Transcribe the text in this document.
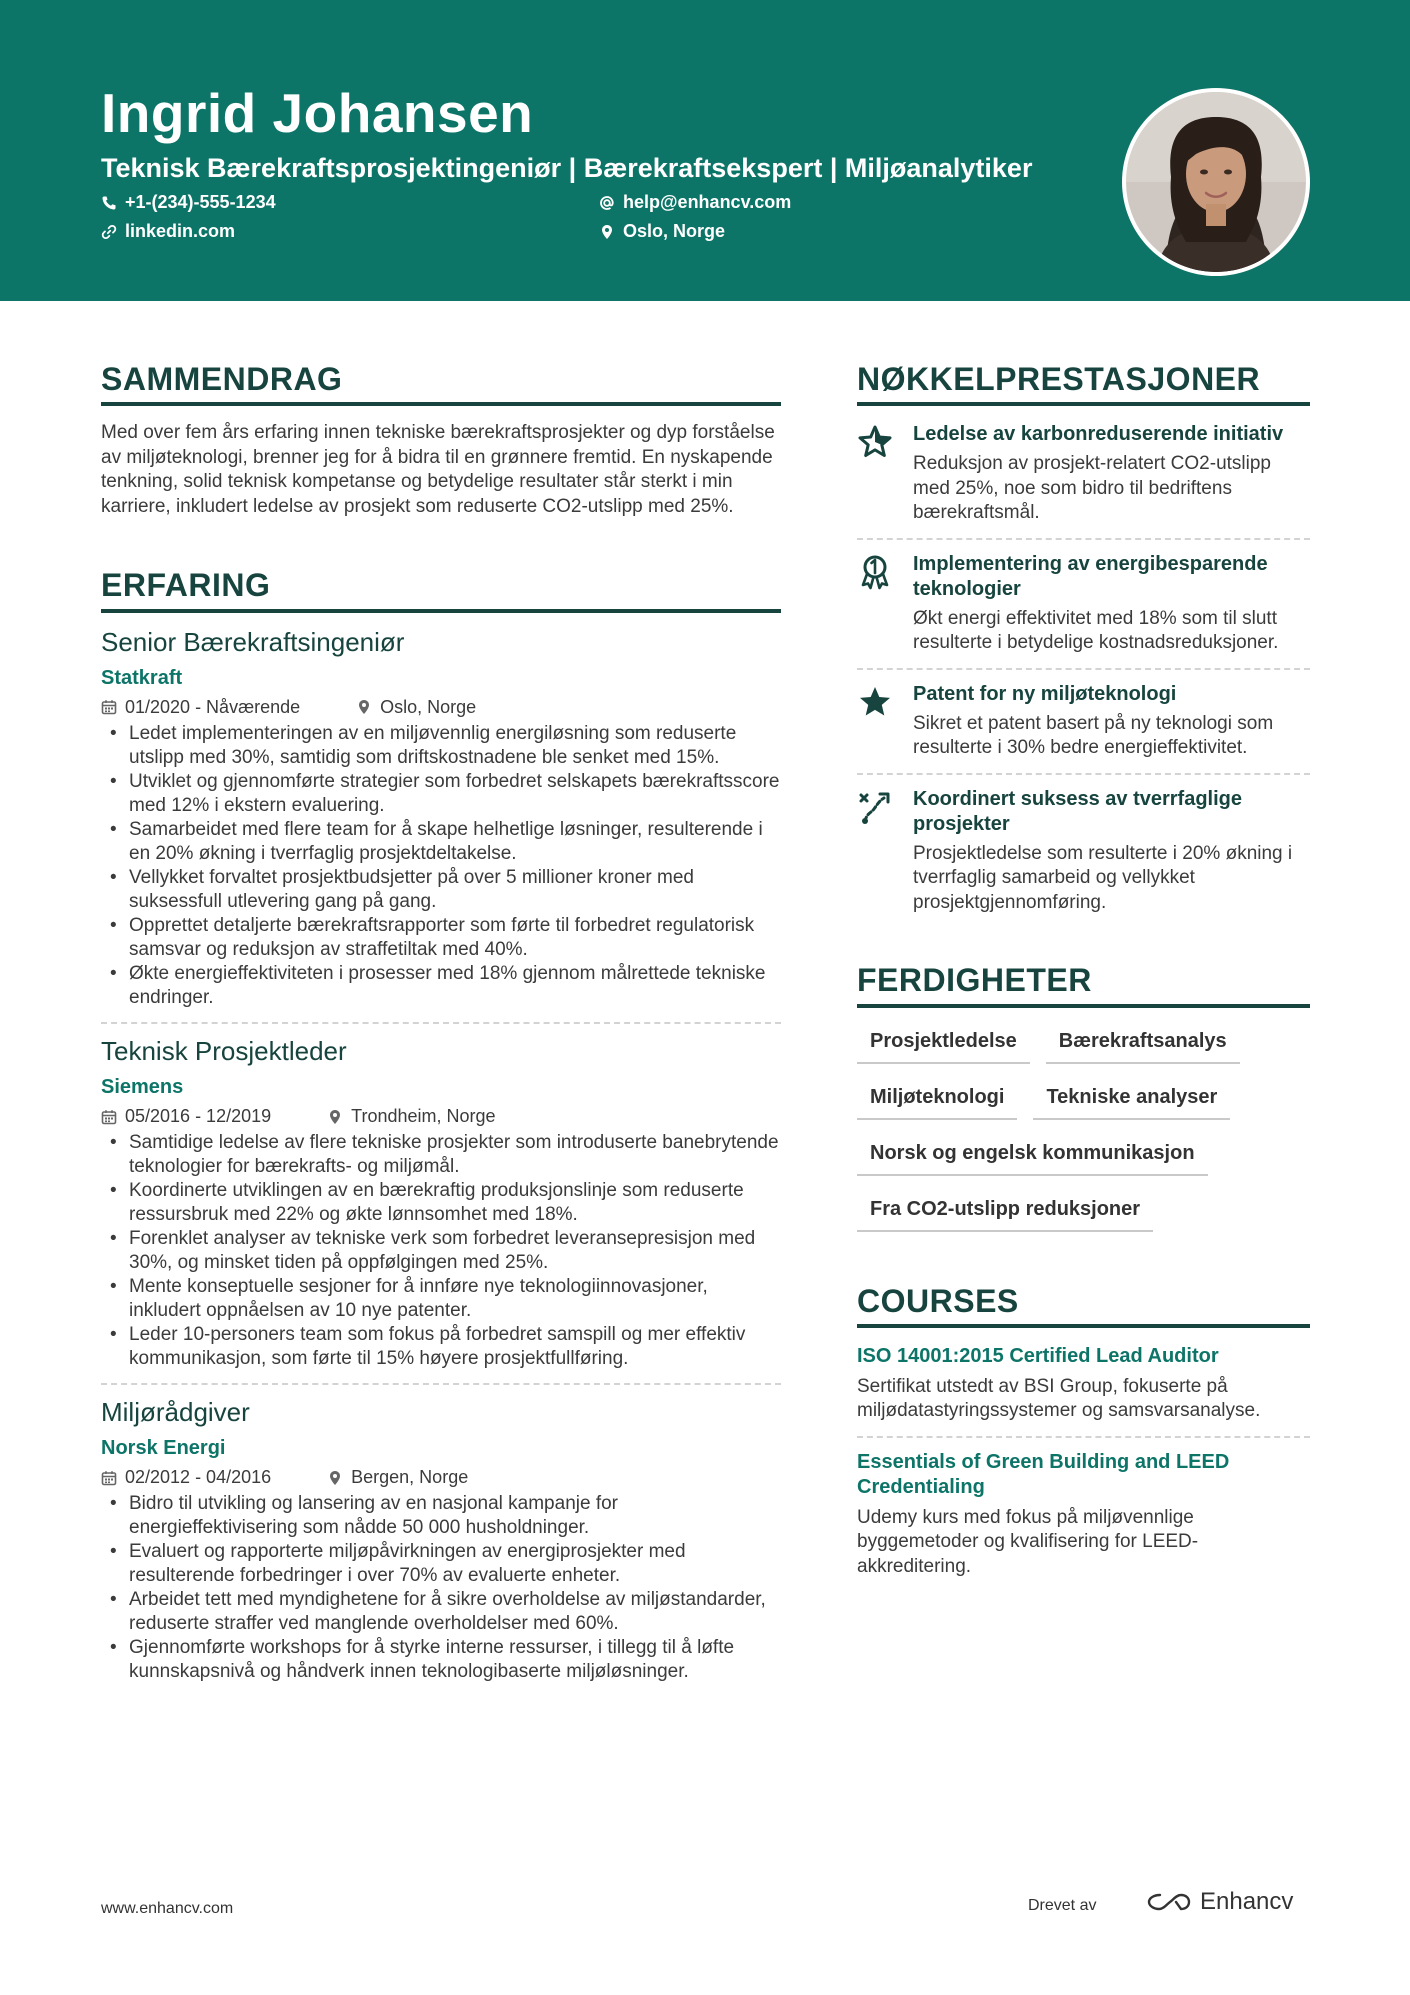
Ingrid Johansen
Teknisk Bærekraftsprosjektingeniør | Bærekraftsekspert | Miljøanalytiker
+1-(234)-555-1234	help@enhancv.com
linkedin.com	Oslo, Norge
SAMMENDRAG
Med over fem års erfaring innen tekniske bærekraftsprosjekter og dyp forståelse av miljøteknologi, brenner jeg for å bidra til en grønnere fremtid. En nyskapende tenkning, solid teknisk kompetanse og betydelige resultater står sterkt i min karriere, inkludert ledelse av prosjekt som reduserte CO2-utslipp med 25%.
ERFARING
Senior Bærekraftsingeniør
Statkraft
01/2020 - Nåværende	Oslo, Norge
• Ledet implementeringen av en miljøvennlig energiløsning som reduserte utslipp med 30%, samtidig som driftskostnadene ble senket med 15%.
• Utviklet og gjennomførte strategier som forbedret selskapets bærekraftsscore med 12% i ekstern evaluering.
• Samarbeidet med flere team for å skape helhetlige løsninger, resulterende i en 20% økning i tverrfaglig prosjektdeltakelse.
• Vellykket forvaltet prosjektbudsjetter på over 5 millioner kroner med suksessfull utlevering gang på gang.
• Opprettet detaljerte bærekraftsrapporter som førte til forbedret regulatorisk samsvar og reduksjon av straffetiltak med 40%.
• Økte energieffektiviteten i prosesser med 18% gjennom målrettede tekniske endringer.
Teknisk Prosjektleder
Siemens
05/2016 - 12/2019	Trondheim, Norge
• Samtidige ledelse av flere tekniske prosjekter som introduserte banebrytende teknologier for bærekrafts- og miljømål.
• Koordinerte utviklingen av en bærekraftig produksjonslinje som reduserte ressursbruk med 22% og økte lønnsomhet med 18%.
• Forenklet analyser av tekniske verk som forbedret leveransepresisjon med 30%, og minsket tiden på oppfølgingen med 25%.
• Mente konseptuelle sesjoner for å innføre nye teknologiinnovasjoner, inkludert oppnåelsen av 10 nye patenter.
• Leder 10-personers team som fokus på forbedret samspill og mer effektiv kommunikasjon, som førte til 15% høyere prosjektfullføring.
Miljørådgiver
Norsk Energi
02/2012 - 04/2016	Bergen, Norge
• Bidro til utvikling og lansering av en nasjonal kampanje for energieffektivisering som nådde 50 000 husholdninger.
• Evaluert og rapporterte miljøpåvirkningen av energiprosjekter med resulterende forbedringer i over 70% av evaluerte enheter.
• Arbeidet tett med myndighetene for å sikre overholdelse av miljøstandarder, reduserte straffer ved manglende overholdelser med 60%.
• Gjennomførte workshops for å styrke interne ressurser, i tillegg til å løfte kunnskapsnivå og håndverk innen teknologibaserte miljøløsninger.
NØKKELPRESTASJONER
Ledelse av karbonreduserende initiativ
Reduksjon av prosjekt-relatert CO2-utslipp med 25%, noe som bidro til bedriftens bærekraftsmål.
Implementering av energibesparende teknologier
Økt energi effektivitet med 18% som til slutt resulterte i betydelige kostnadsreduksjoner.
Patent for ny miljøteknologi
Sikret et patent basert på ny teknologi som resulterte i 30% bedre energieffektivitet.
Koordinert suksess av tverrfaglige prosjekter
Prosjektledelse som resulterte i 20% økning i tverrfaglig samarbeid og vellykket prosjektgjennomføring.
FERDIGHETER
Prosjektledelse	Bærekraftsanalys
Miljøteknologi	Tekniske analyser
Norsk og engelsk kommunikasjon
Fra CO2-utslipp reduksjoner
COURSES
ISO 14001:2015 Certified Lead Auditor
Sertifikat utstedt av BSI Group, fokuserte på miljødatastyringssystemer og samsvarsanalyse.
Essentials of Green Building and LEED Credentialing
Udemy kurs med fokus på miljøvennlige byggemetoder og kvalifisering for LEED-akkreditering.
www.enhancv.com	Drevet av	Enhancv
